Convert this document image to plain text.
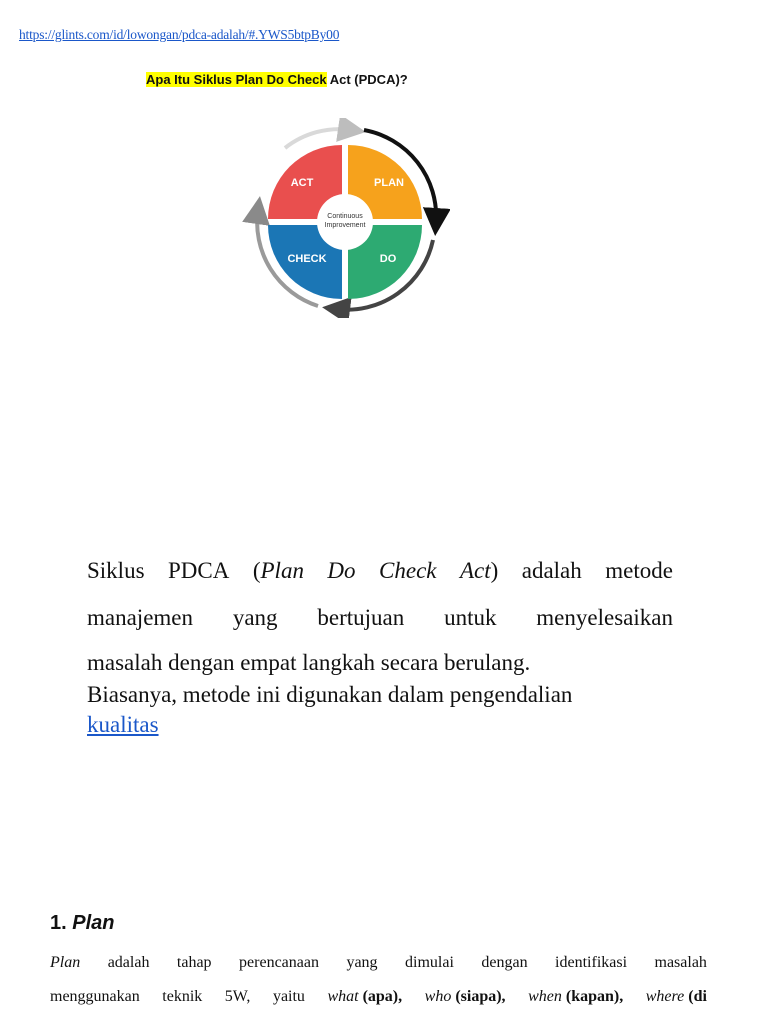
https://glints.com/id/lowongan/pdca-adalah/#.YWS5btpBy00
Apa Itu Siklus Plan Do Check Act (PDCA)?
Continuous
Improvement
ACT	PLAN
CHECK	DO
Siklus PDCA (Plan Do Check Act) adalah metode
manajemen yang bertujuan untuk menyelesaikan
masalah dengan empat langkah secara berulang.
Biasanya, metode ini digunakan dalam pengendalian
kualitas
1. Plan
Plan adalah tahap perencanaan yang dimulai dengan identifikasi masalah
menggunakan teknik 5W, yaitu what (apa), who (siapa), when (kapan), where (di
